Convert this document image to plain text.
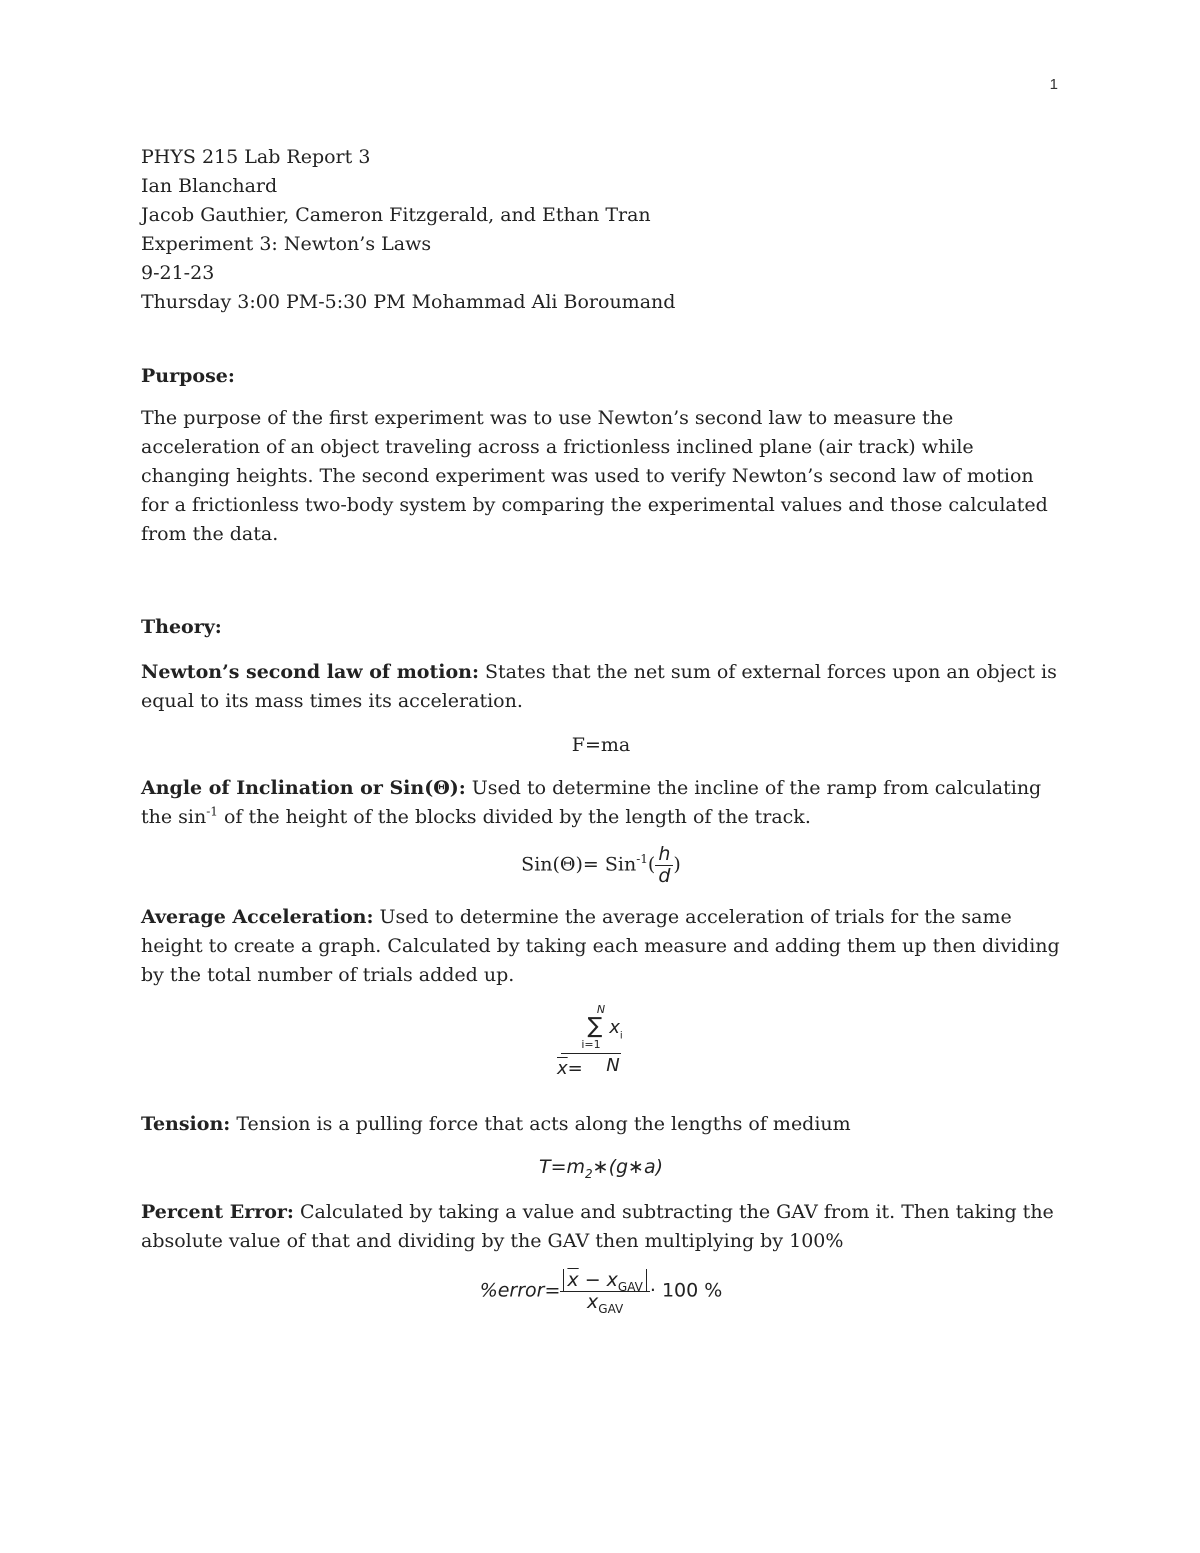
1

PHYS 215 Lab Report 3

Ian Blanchard

Jacob Gauthier, Cameron Fitzgerald, and Ethan Tran

Experiment 3: Newton’s Laws

9-21-23

Thursday 3:00 PM-5:30 PM Mohammad Ali Boroumand

Purpose:

The purpose of the first experiment was to use Newton’s second law to measure the acceleration of an object traveling across a frictionless inclined plane (air track) while changing heights. The second experiment was used to verify Newton’s second law of motion for a frictionless two-body system by comparing the experimental values and those calculated from the data.

Theory:

Newton’s second law of motion: States that the net sum of external forces upon an object is equal to its mass times its acceleration.

F=ma

Angle of Inclination or Sin(Θ): Used to determine the incline of the ramp from calculating the $\sin^{-1}$ of the height of the blocks divided by the length of the track.

$Sin(\Theta)= Sin^{-1}( \frac{h}{d}$ )

Average Acceleration: Used to determine the average acceleration of trials for the same height to create a graph. Calculated by taking each measure and adding them up then dividing by the total number of trials added up.

$\overline{x}=$
N
∑ $x_i$
i=1
N

Tension: Tension is a pulling force that acts along the lengths of medium

$T=m_2∗(g∗a)$

Percent Error: Calculated by taking a value and subtracting the GAV from it. Then taking the absolute value of that and dividing by the GAV then multiplying by 100%

%error= $\frac{\overline{x} - x_{GAV}}{x_{GAV}} \cdot 100$ %
